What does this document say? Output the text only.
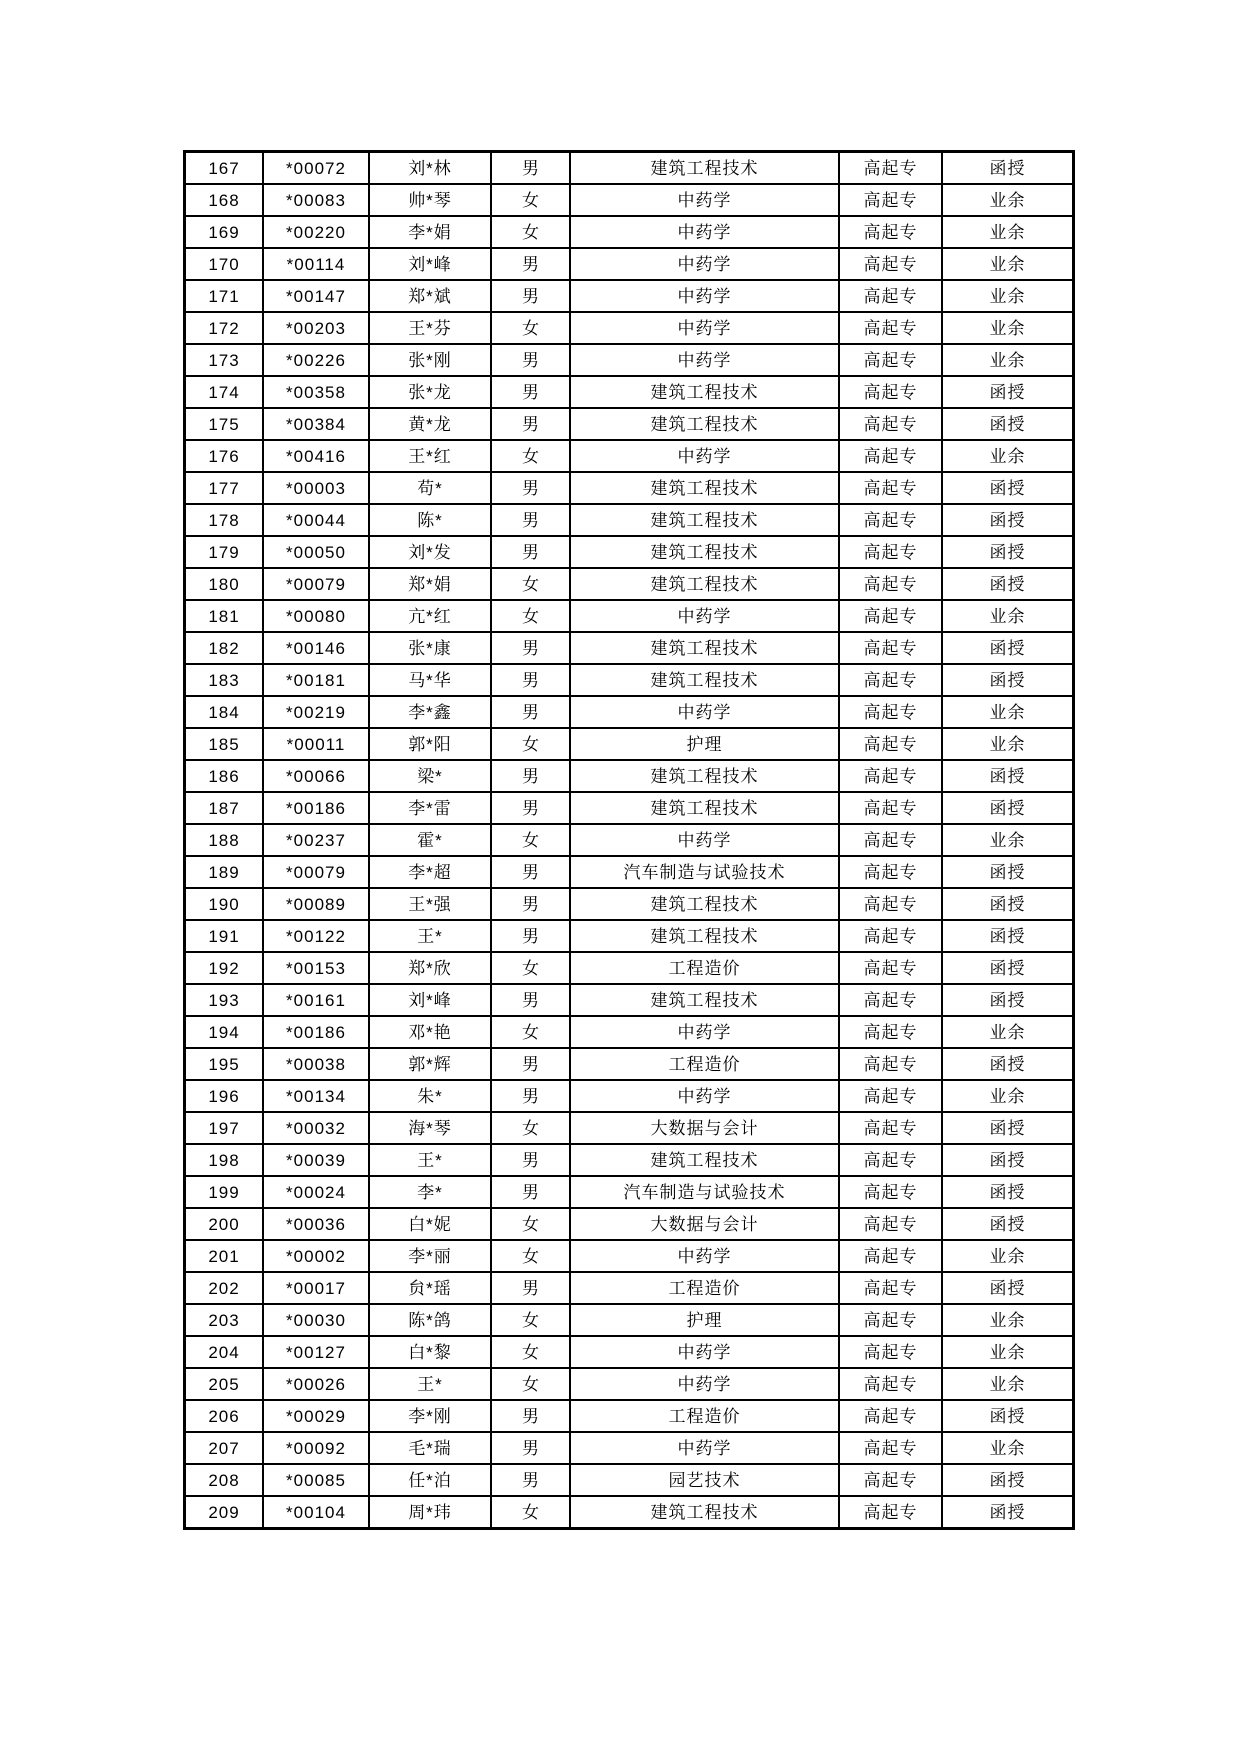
167	*00072	刘*林	男	建筑工程技术	高起专	函授
168	*00083	帅*琴	女	中药学	高起专	业余
169	*00220	李*娟	女	中药学	高起专	业余
170	*00114	刘*峰	男	中药学	高起专	业余
171	*00147	郑*斌	男	中药学	高起专	业余
172	*00203	王*芬	女	中药学	高起专	业余
173	*00226	张*刚	男	中药学	高起专	业余
174	*00358	张*龙	男	建筑工程技术	高起专	函授
175	*00384	黄*龙	男	建筑工程技术	高起专	函授
176	*00416	王*红	女	中药学	高起专	业余
177	*00003	苟*	男	建筑工程技术	高起专	函授
178	*00044	陈*	男	建筑工程技术	高起专	函授
179	*00050	刘*发	男	建筑工程技术	高起专	函授
180	*00079	郑*娟	女	建筑工程技术	高起专	函授
181	*00080	亢*红	女	中药学	高起专	业余
182	*00146	张*康	男	建筑工程技术	高起专	函授
183	*00181	马*华	男	建筑工程技术	高起专	函授
184	*00219	李*鑫	男	中药学	高起专	业余
185	*00011	郭*阳	女	护理	高起专	业余
186	*00066	梁*	男	建筑工程技术	高起专	函授
187	*00186	李*雷	男	建筑工程技术	高起专	函授
188	*00237	霍*	女	中药学	高起专	业余
189	*00079	李*超	男	汽车制造与试验技术	高起专	函授
190	*00089	王*强	男	建筑工程技术	高起专	函授
191	*00122	王*	男	建筑工程技术	高起专	函授
192	*00153	郑*欣	女	工程造价	高起专	函授
193	*00161	刘*峰	男	建筑工程技术	高起专	函授
194	*00186	邓*艳	女	中药学	高起专	业余
195	*00038	郭*辉	男	工程造价	高起专	函授
196	*00134	朱*	男	中药学	高起专	业余
197	*00032	海*琴	女	大数据与会计	高起专	函授
198	*00039	王*	男	建筑工程技术	高起专	函授
199	*00024	李*	男	汽车制造与试验技术	高起专	函授
200	*00036	白*妮	女	大数据与会计	高起专	函授
201	*00002	李*丽	女	中药学	高起专	业余
202	*00017	贠*瑶	男	工程造价	高起专	函授
203	*00030	陈*鸽	女	护理	高起专	业余
204	*00127	白*黎	女	中药学	高起专	业余
205	*00026	王*	女	中药学	高起专	业余
206	*00029	李*刚	男	工程造价	高起专	函授
207	*00092	毛*瑞	男	中药学	高起专	业余
208	*00085	任*泊	男	园艺技术	高起专	函授
209	*00104	周*玮	女	建筑工程技术	高起专	函授
